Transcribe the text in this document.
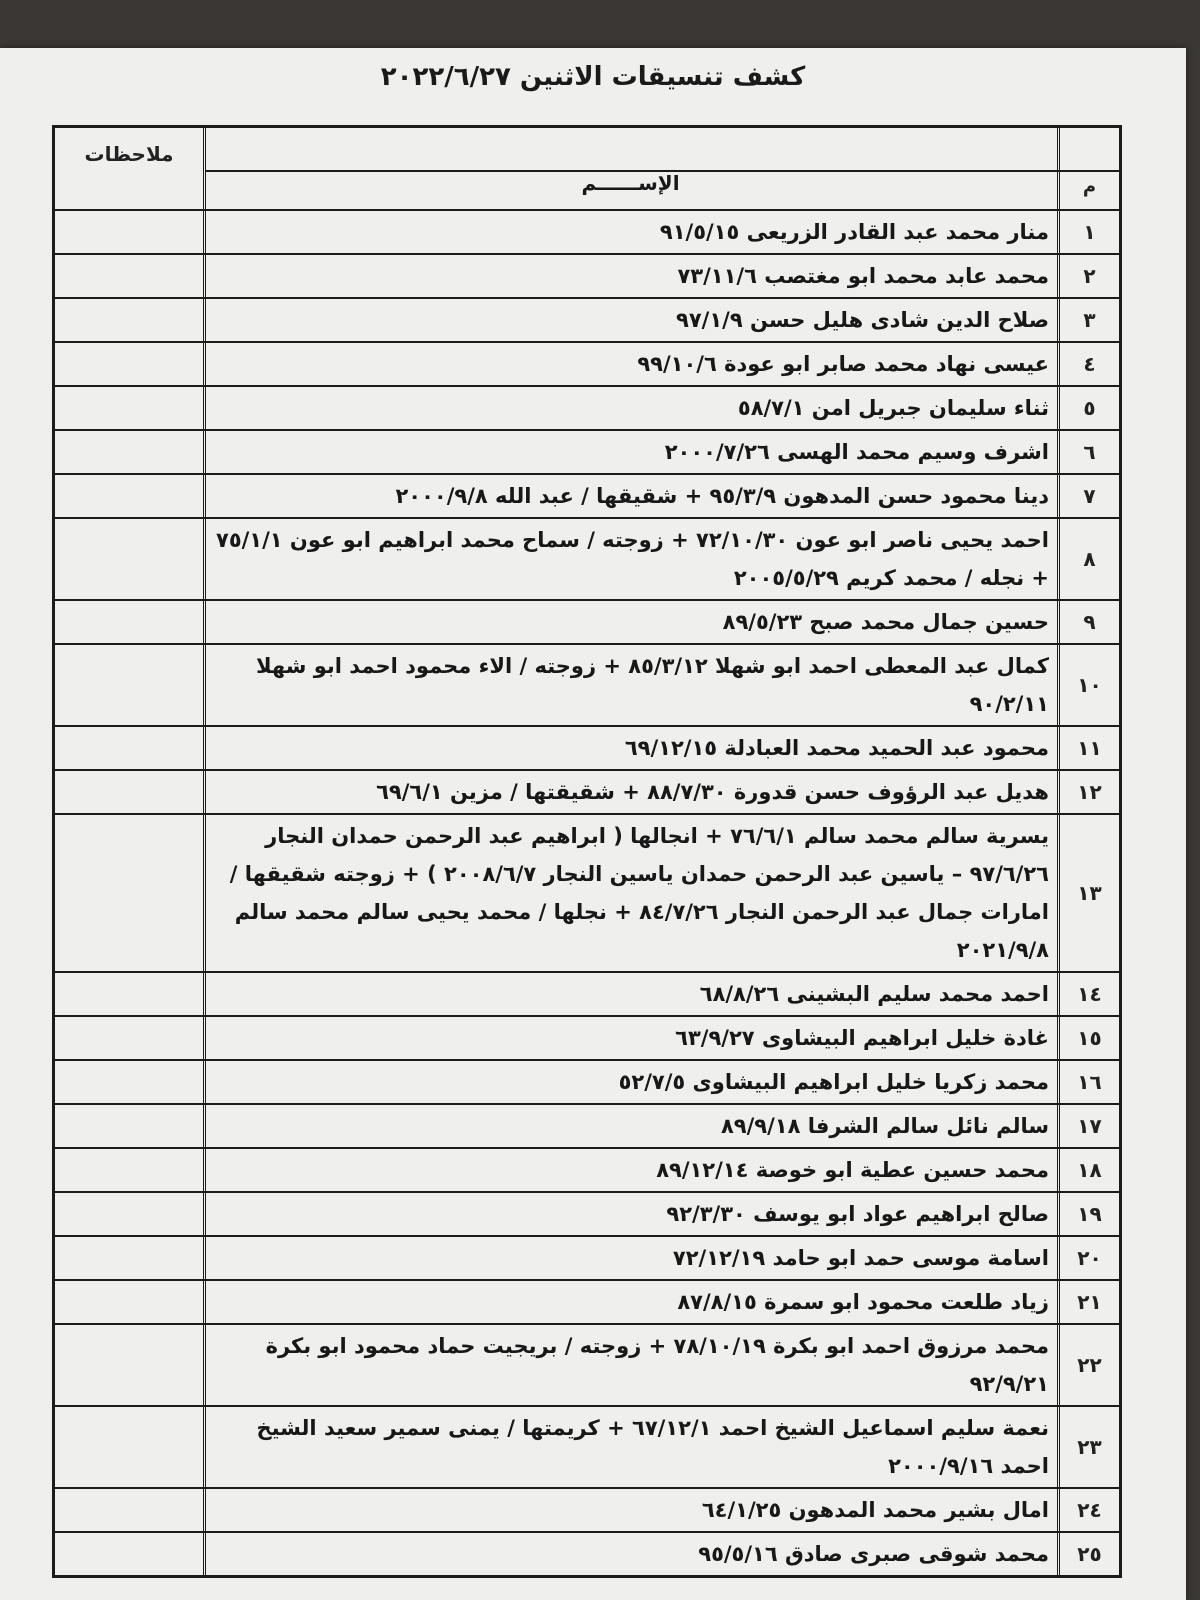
كشف تنسيقات الاثنين ٢٠٢٢/٦/٢٧
م
الإســــــم
ملاحظات
١
منار محمد عبد القادر الزريعى ٩١/٥/١٥
٢
محمد عابد محمد ابو مغتصب ٧٣/١١/٦
٣
صلاح الدين شادى هليل حسن ٩٧/١/٩
٤
عيسى نهاد محمد صابر ابو عودة ٩٩/١٠/٦
٥
ثناء سليمان جبريل امن ٥٨/٧/١
٦
اشرف وسيم محمد الهسى ٢٠٠٠/٧/٢٦
٧
دينا محمود حسن المدهون ٩٥/٣/٩ + شقيقها / عبد الله ٢٠٠٠/٩/٨
٨
احمد يحيى ناصر ابو عون ٧٢/١٠/٣٠ + زوجته / سماح محمد ابراهيم ابو عون ٧٥/١/١ + نجله / محمد كريم ٢٠٠٥/٥/٢٩
٩
حسين جمال محمد صبح ٨٩/٥/٢٣
١٠
كمال عبد المعطى احمد ابو شهلا ٨٥/٣/١٢ + زوجته / الاء محمود احمد ابو شهلا ٩٠/٢/١١
١١
محمود عبد الحميد محمد العبادلة ٦٩/١٢/١٥
١٢
هديل عبد الرؤوف حسن قدورة ٨٨/٧/٣٠ + شقيقتها / مزين ٦٩/٦/١
١٣
يسرية سالم محمد سالم ٧٦/٦/١ + انجالها ( ابراهيم عبد الرحمن حمدان النجار ٩٧/٦/٢٦ – ياسين عبد الرحمن حمدان ياسين النجار ٢٠٠٨/٦/٧ ) + زوجته شقيقها / امارات جمال عبد الرحمن النجار ٨٤/٧/٢٦ + نجلها / محمد يحيى سالم محمد سالم ٢٠٢١/٩/٨
١٤
احمد محمد سليم البشينى ٦٨/٨/٢٦
١٥
غادة خليل ابراهيم البيشاوى ٦٣/٩/٢٧
١٦
محمد زكريا خليل ابراهيم البيشاوى ٥٢/٧/٥
١٧
سالم نائل سالم الشرفا ٨٩/٩/١٨
١٨
محمد حسين عطية ابو خوصة ٨٩/١٢/١٤
١٩
صالح ابراهيم عواد ابو يوسف ٩٢/٣/٣٠
٢٠
اسامة موسى حمد ابو حامد ٧٢/١٢/١٩
٢١
زياد طلعت محمود ابو سمرة ٨٧/٨/١٥
٢٢
محمد مرزوق احمد ابو بكرة ٧٨/١٠/١٩ + زوجته / بريجيت حماد محمود ابو بكرة ٩٢/٩/٢١
٢٣
نعمة سليم اسماعيل الشيخ احمد ٦٧/١٢/١ + كريمتها / يمنى سمير سعيد الشيخ احمد ٢٠٠٠/٩/١٦
٢٤
امال بشير محمد المدهون ٦٤/١/٢٥
٢٥
محمد شوقى صبرى صادق ٩٥/٥/١٦
